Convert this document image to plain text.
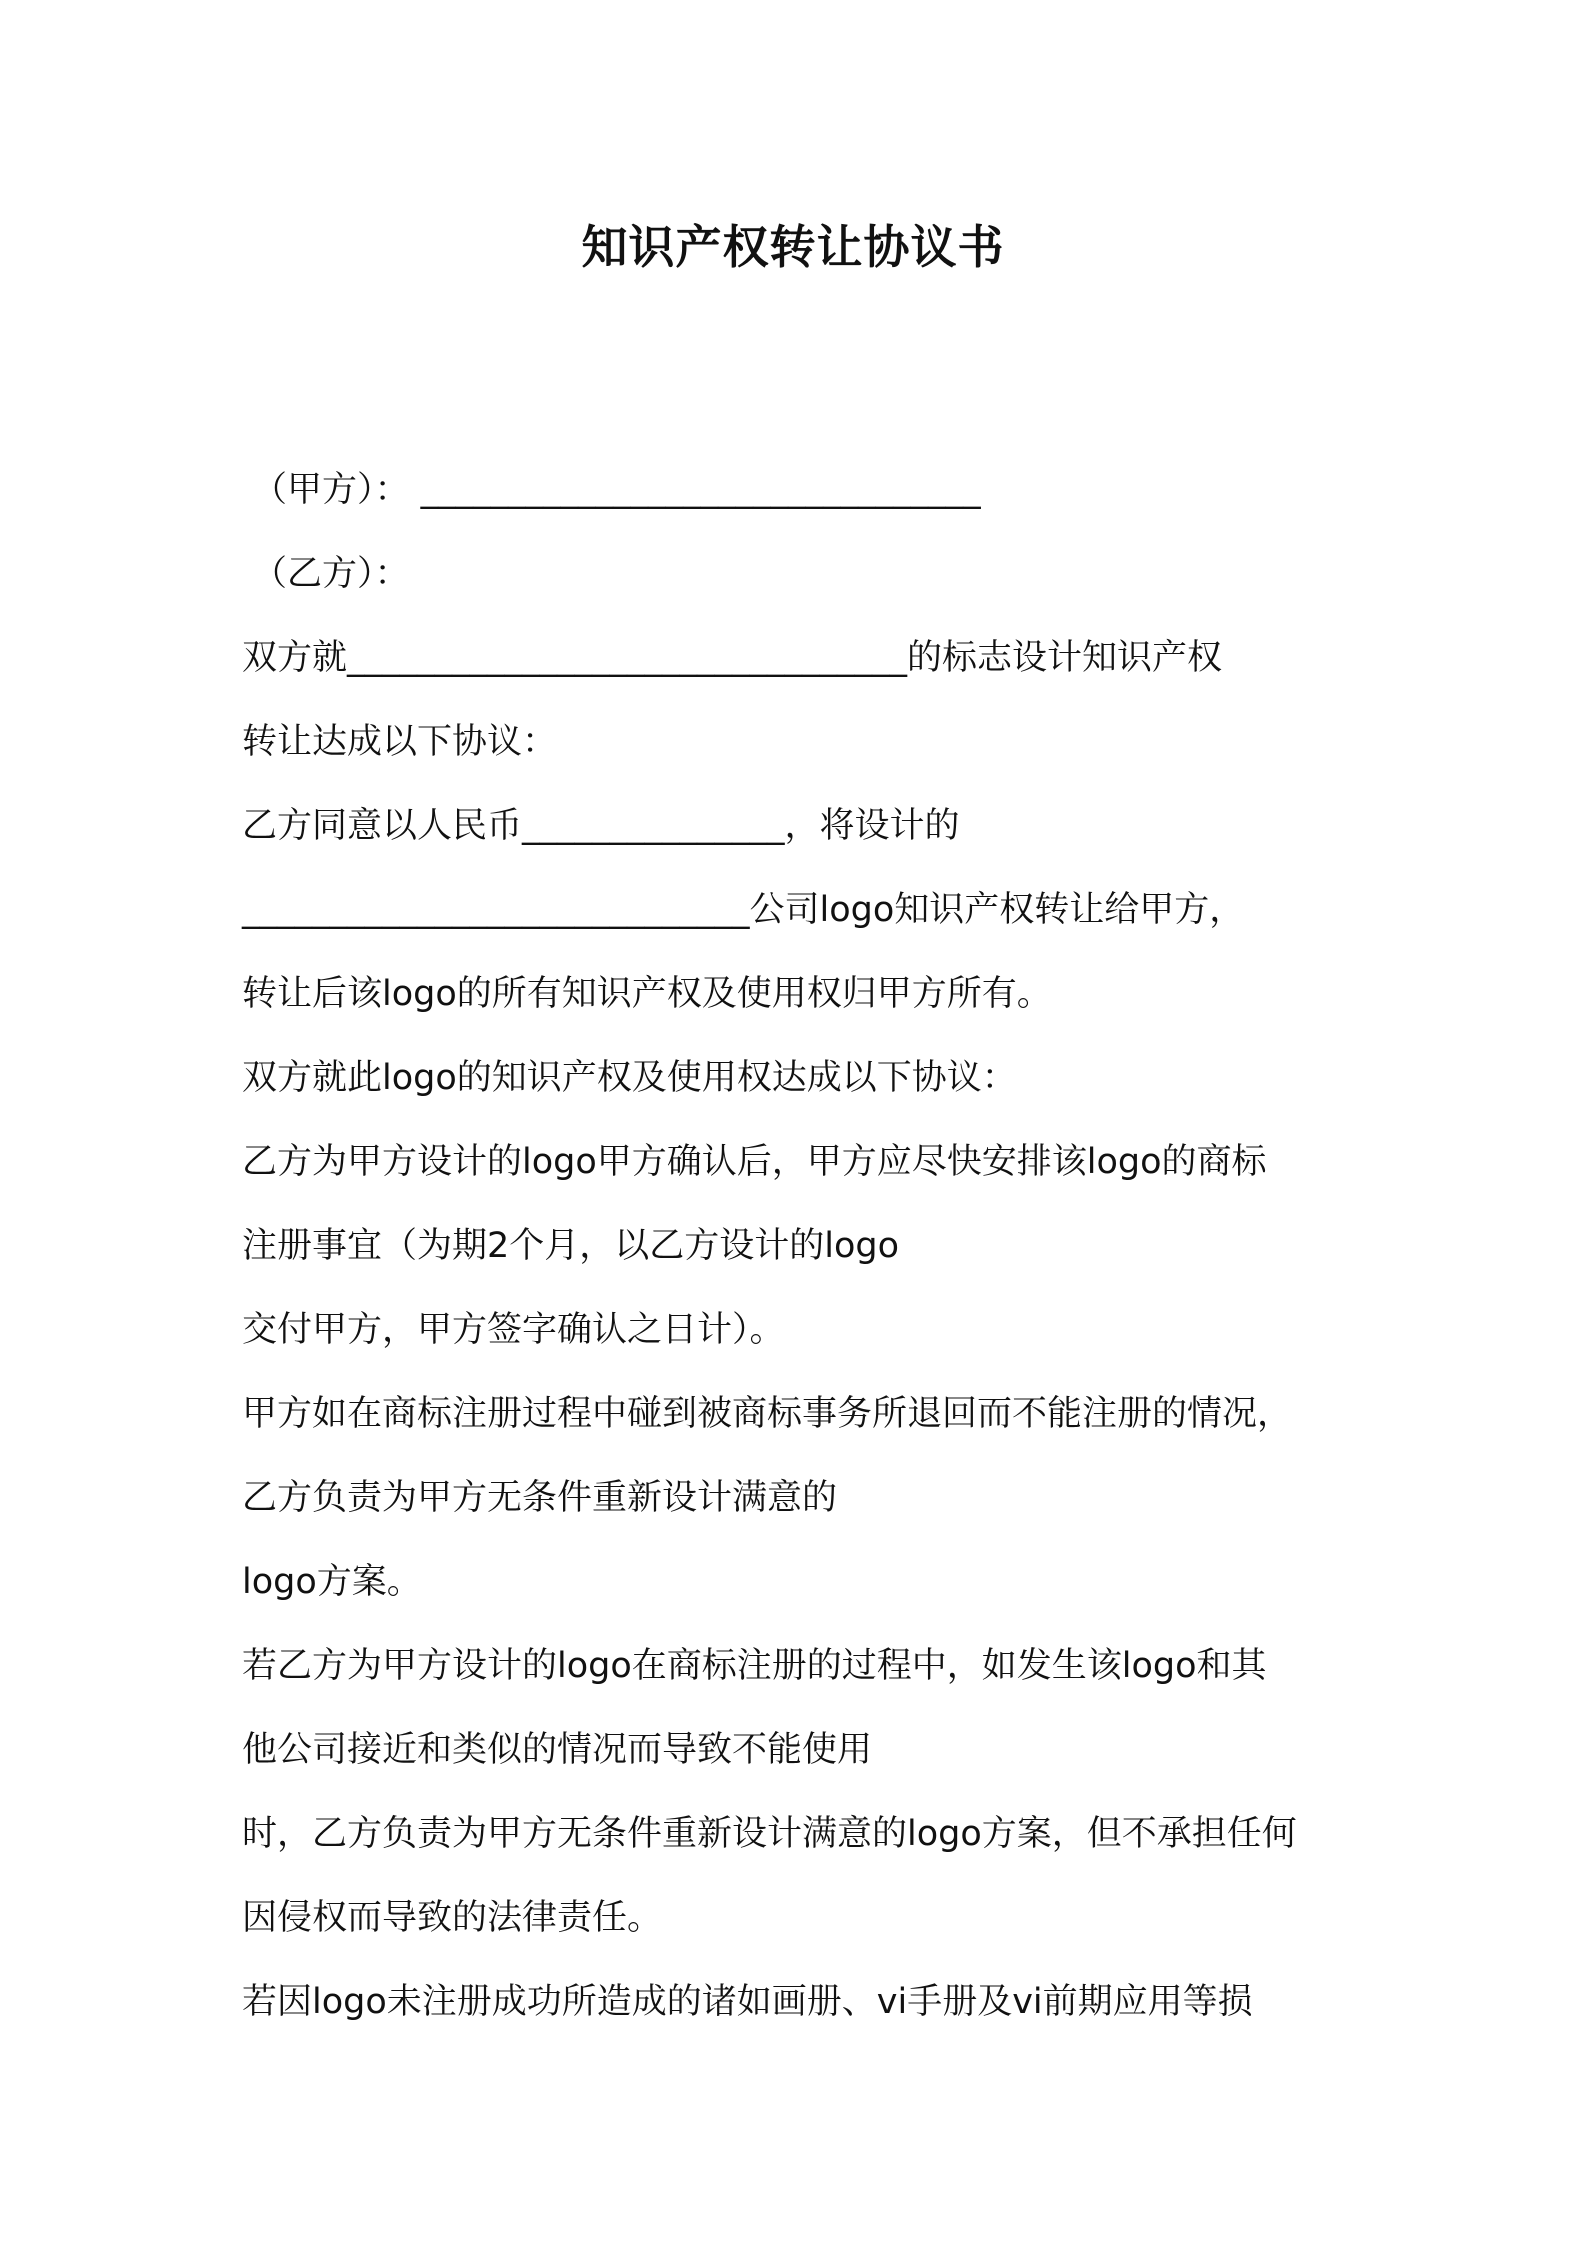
知识产权转让协议书
（甲方）： ________________________________
（乙方）：
双方就________________________________的标志设计知识产权
转让达成以下协议：
乙方同意以人民币_______________，将设计的
_____________________________公司logo知识产权转让给甲方，
转让后该logo的所有知识产权及使用权归甲方所有。
双方就此logo的知识产权及使用权达成以下协议：
乙方为甲方设计的logo甲方确认后，甲方应尽快安排该logo的商标
注册事宜（为期2个月，以乙方设计的logo
交付甲方，甲方签字确认之日计）。
甲方如在商标注册过程中碰到被商标事务所退回而不能注册的情况，
乙方负责为甲方无条件重新设计满意的
logo方案。
若乙方为甲方设计的logo在商标注册的过程中，如发生该logo和其
他公司接近和类似的情况而导致不能使用
时，乙方负责为甲方无条件重新设计满意的logo方案，但不承担任何
因侵权而导致的法律责任。
若因logo未注册成功所造成的诸如画册、vi手册及vi前期应用等损
